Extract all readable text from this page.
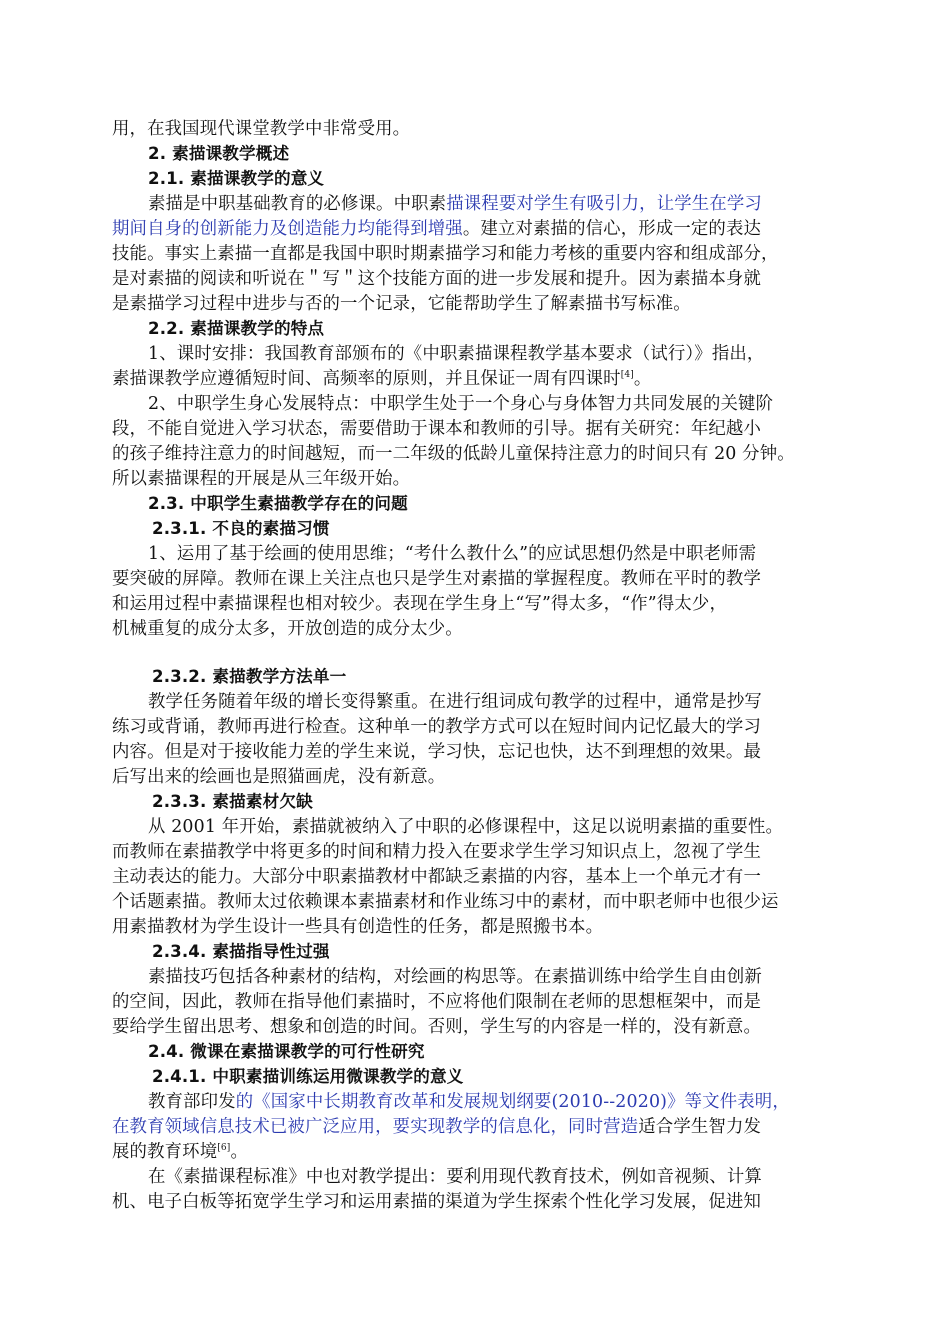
用，在我国现代课堂教学中非常受用。
2. 素描课教学概述
2.1. 素描课教学的意义
素描是中职基础教育的必修课。中职素描课程要对学生有吸引力，让学生在学习
期间自身的创新能力及创造能力均能得到增强。建立对素描的信心，形成一定的表达
技能。事实上素描一直都是我国中职时期素描学习和能力考核的重要内容和组成部分，
是对素描的阅读和听说在＂写＂这个技能方面的进一步发展和提升。因为素描本身就
是素描学习过程中进步与否的一个记录，它能帮助学生了解素描书写标准。
2.2. 素描课教学的特点
1、课时安排：我国教育部颁布的《中职素描课程教学基本要求（试行）》指出，
素描课教学应遵循短时间、高频率的原则，并且保证一周有四课时[4]。
2、中职学生身心发展特点：中职学生处于一个身心与身体智力共同发展的关键阶
段，不能自觉进入学习状态，需要借助于课本和教师的引导。据有关研究：年纪越小
的孩子维持注意力的时间越短，而一二年级的低龄儿童保持注意力的时间只有 20 分钟。
所以素描课程的开展是从三年级开始。
2.3. 中职学生素描教学存在的问题
2.3.1. 不良的素描习惯
1、运用了基于绘画的使用思维；“考什么教什么”的应试思想仍然是中职老师需
要突破的屏障。教师在课上关注点也只是学生对素描的掌握程度。教师在平时的教学
和运用过程中素描课程也相对较少。表现在学生身上“写”得太多，“作”得太少，
机械重复的成分太多，开放创造的成分太少。
2.3.2. 素描教学方法单一
教学任务随着年级的增长变得繁重。在进行组词成句教学的过程中，通常是抄写
练习或背诵，教师再进行检查。这种单一的教学方式可以在短时间内记忆最大的学习
内容。但是对于接收能力差的学生来说，学习快，忘记也快，达不到理想的效果。最
后写出来的绘画也是照猫画虎，没有新意。
2.3.3. 素描素材欠缺
从 2001 年开始，素描就被纳入了中职的必修课程中，这足以说明素描的重要性。
而教师在素描教学中将更多的时间和精力投入在要求学生学习知识点上，忽视了学生
主动表达的能力。大部分中职素描教材中都缺乏素描的内容，基本上一个单元才有一
个话题素描。教师太过依赖课本素描素材和作业练习中的素材，而中职老师中也很少运
用素描教材为学生设计一些具有创造性的任务，都是照搬书本。
2.3.4. 素描指导性过强
素描技巧包括各种素材的结构，对绘画的构思等。在素描训练中给学生自由创新
的空间，因此，教师在指导他们素描时，不应将他们限制在老师的思想框架中，而是
要给学生留出思考、想象和创造的时间。否则，学生写的内容是一样的，没有新意。
2.4. 微课在素描课教学的可行性研究
2.4.1. 中职素描训练运用微课教学的意义
教育部印发的《国家中长期教育改革和发展规划纲要(2010--2020)》等文件表明，
在教育领域信息技术已被广泛应用，要实现教学的信息化，同时营造适合学生智力发
展的教育环境[6]。
在《素描课程标准》中也对教学提出：要利用现代教育技术，例如音视频、计算
机、电子白板等拓宽学生学习和运用素描的渠道为学生探索个性化学习发展，促进知
